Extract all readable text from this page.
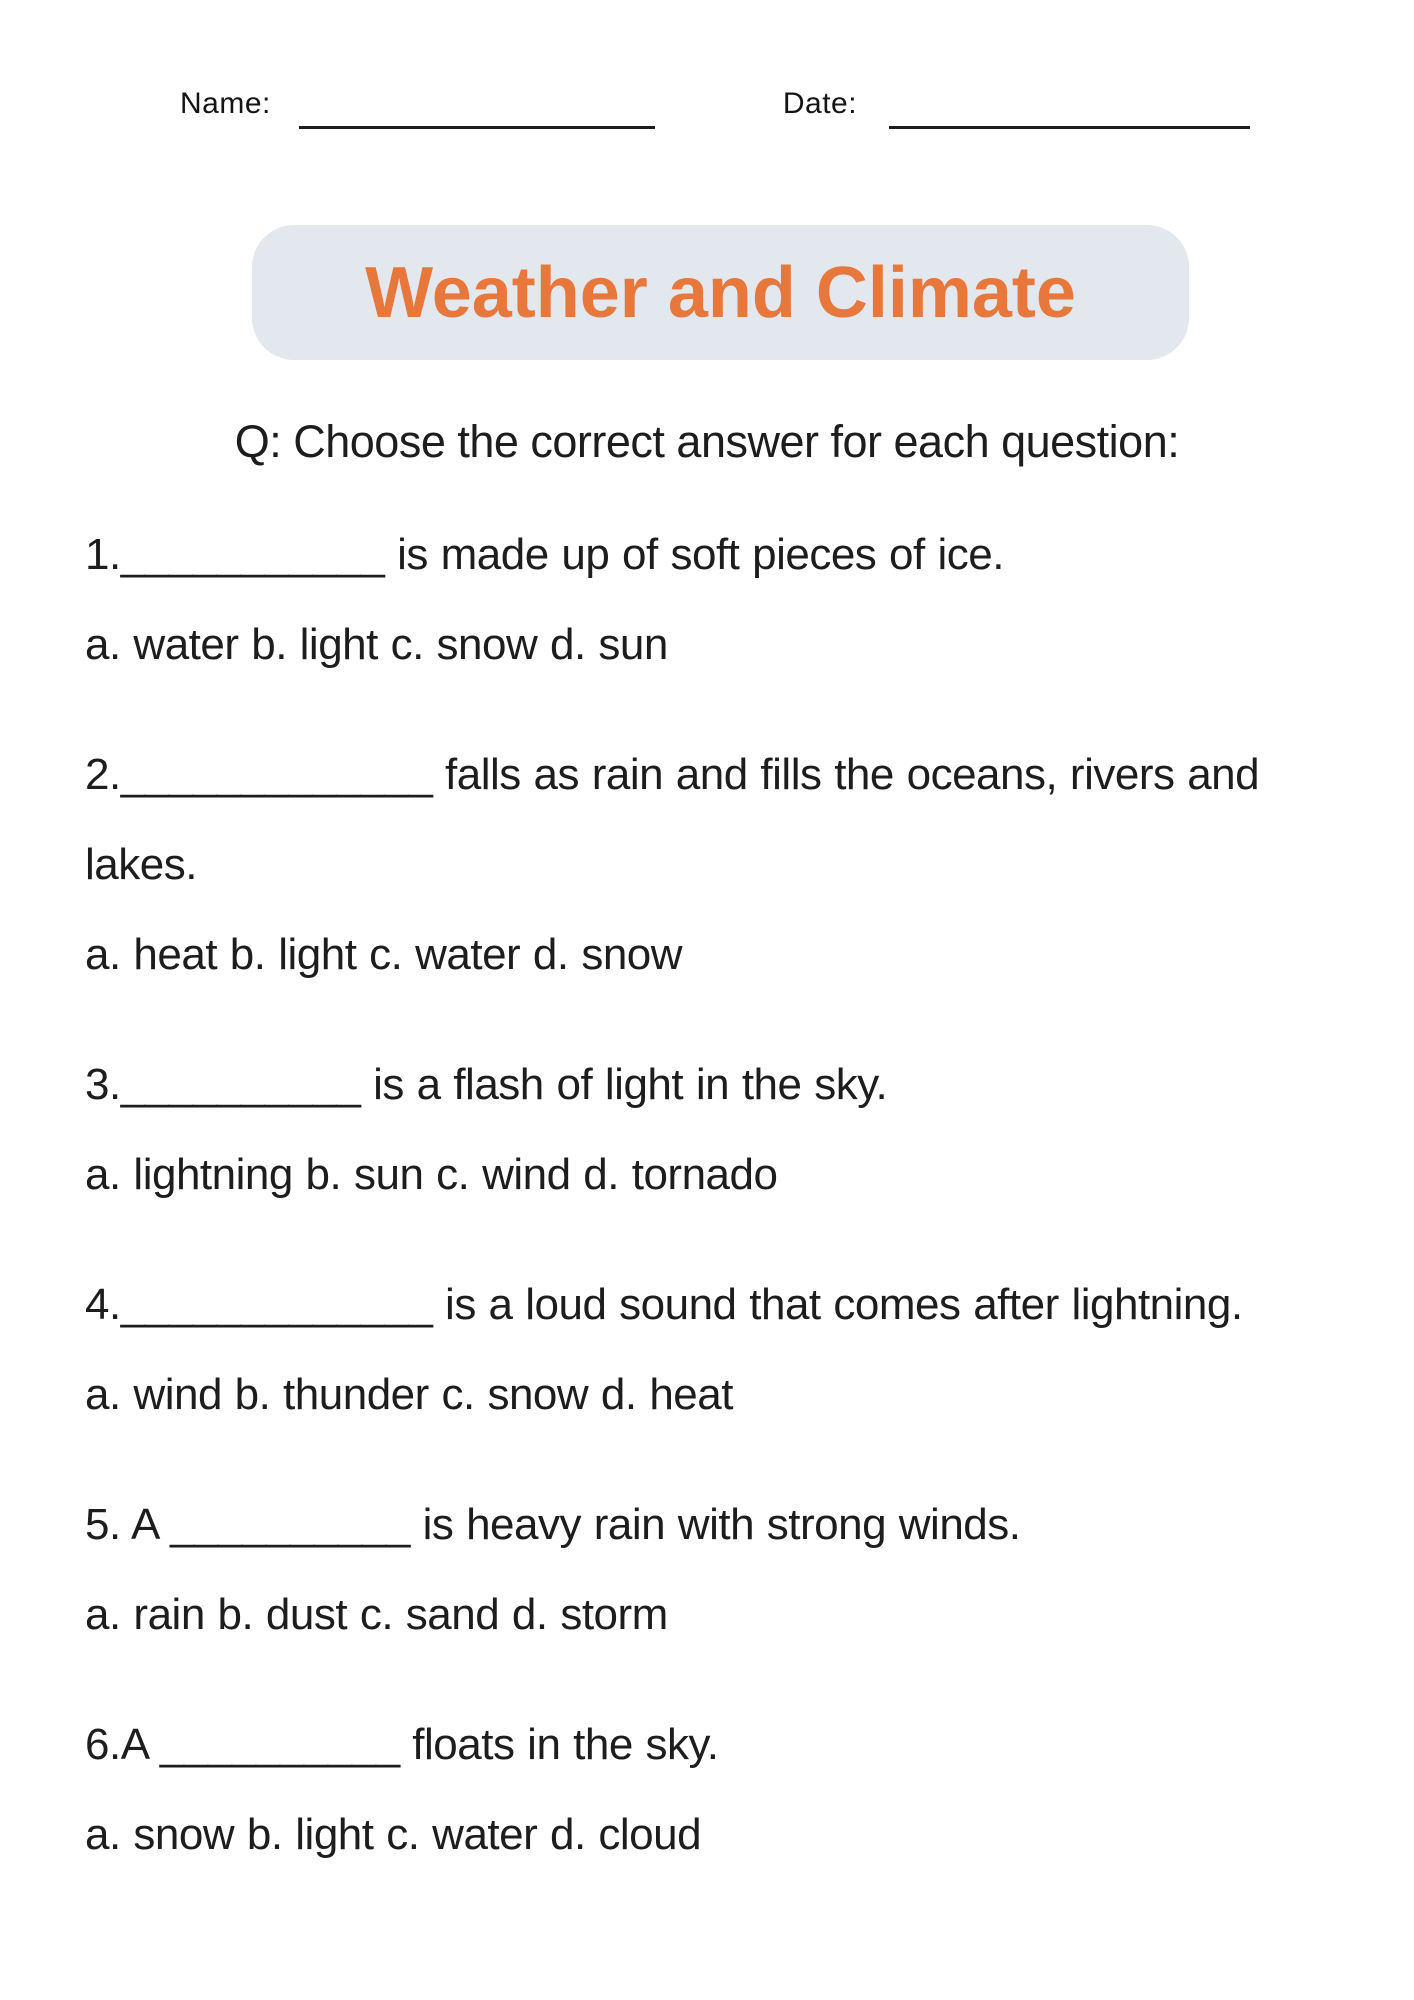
Name:	Date:
Weather and Climate
Q: Choose the correct answer for each question:
1.___________ is made up of soft pieces of ice.
a. water b. light c. snow d. sun
2._____________ falls as rain and fills the oceans, rivers and lakes.
a. heat b. light c. water d. snow
3.__________ is a flash of light in the sky.
a. lightning b. sun c. wind d. tornado
4._____________ is a loud sound that comes after lightning.
a. wind b. thunder c. snow d. heat
5. A __________ is heavy rain with strong winds.
a. rain b. dust c. sand d. storm
6.A __________ floats in the sky.
a. snow b. light c. water d. cloud
